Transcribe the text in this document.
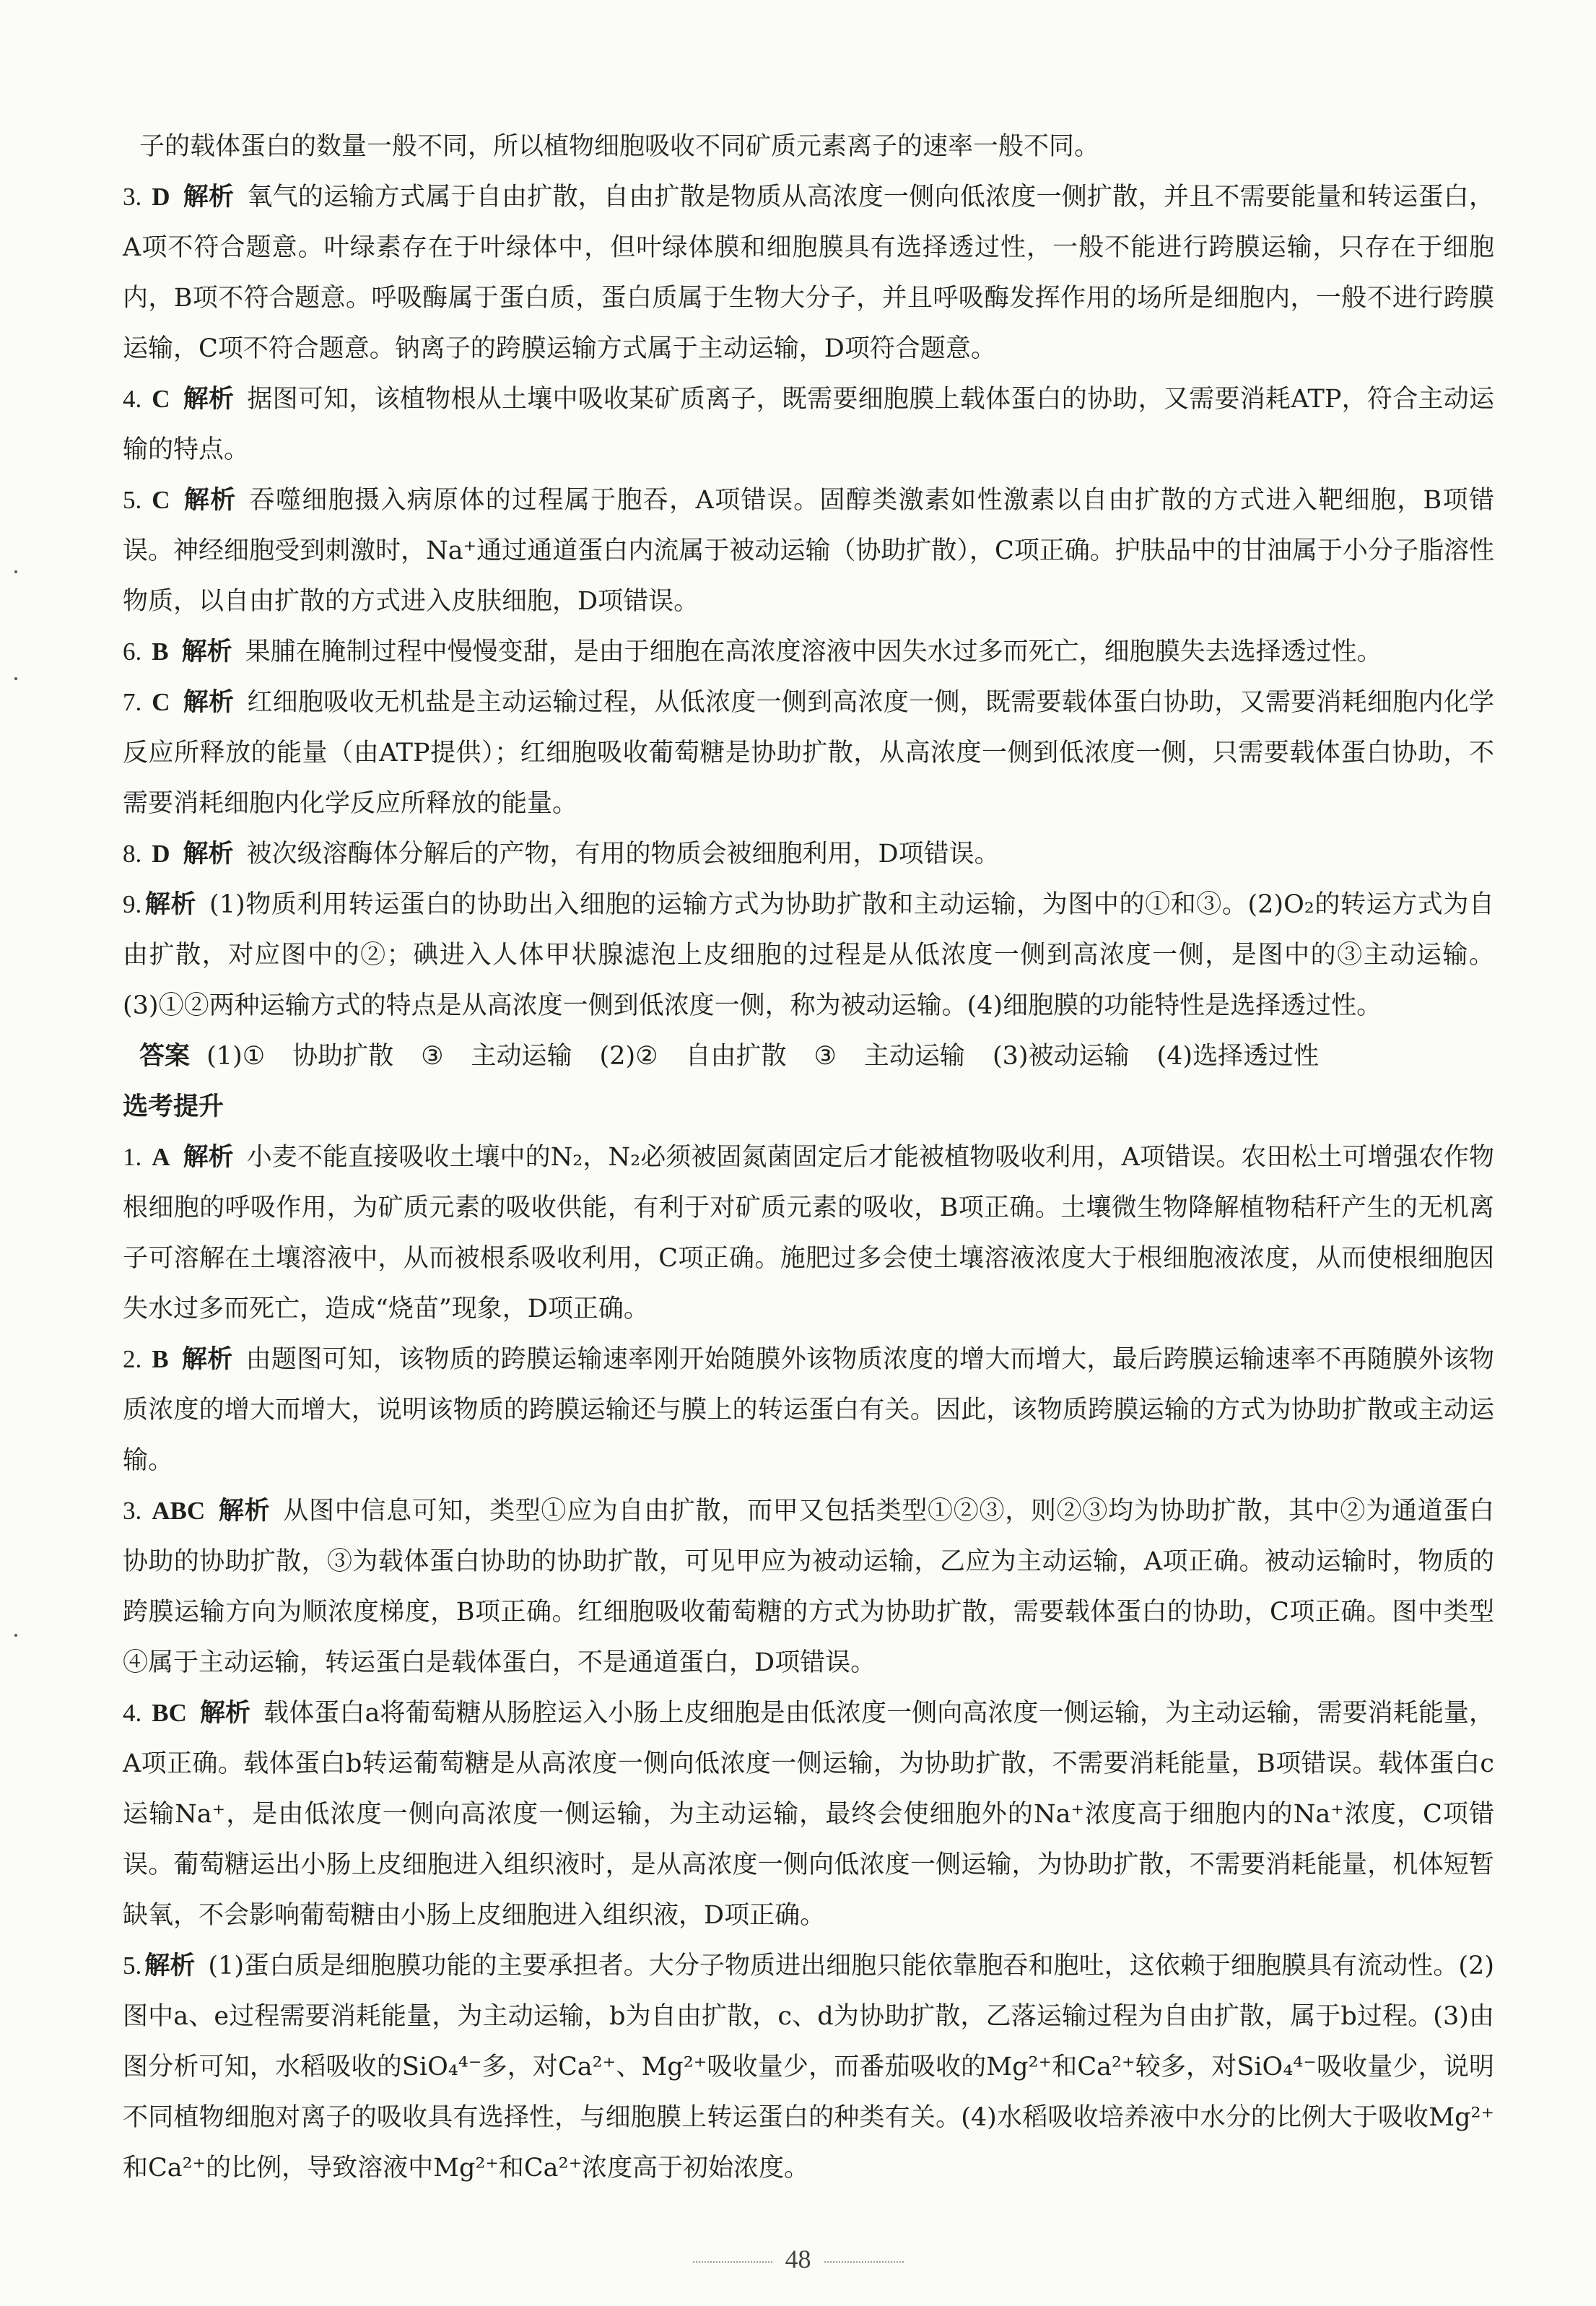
子的载体蛋白的数量一般不同，所以植物细胞吸收不同矿质元素离子的速率一般不同。

3. D 解析 氧气的运输方式属于自由扩散，自由扩散是物质从高浓度一侧向低浓度一侧扩散，并且不需要能量和转运蛋白，A项不符合题意。叶绿素存在于叶绿体中，但叶绿体膜和细胞膜具有选择透过性，一般不能进行跨膜运输，只存在于细胞内，B项不符合题意。呼吸酶属于蛋白质，蛋白质属于生物大分子，并且呼吸酶发挥作用的场所是细胞内，一般不进行跨膜运输，C项不符合题意。钠离子的跨膜运输方式属于主动运输，D项符合题意。

4. C 解析 据图可知，该植物根从土壤中吸收某矿质离子，既需要细胞膜上载体蛋白的协助，又需要消耗ATP，符合主动运输的特点。

5. C 解析 吞噬细胞摄入病原体的过程属于胞吞，A项错误。固醇类激素如性激素以自由扩散的方式进入靶细胞，B项错误。神经细胞受到刺激时，Na⁺通过通道蛋白内流属于被动运输（协助扩散），C项正确。护肤品中的甘油属于小分子脂溶性物质，以自由扩散的方式进入皮肤细胞，D项错误。

6. B 解析 果脯在腌制过程中慢慢变甜，是由于细胞在高浓度溶液中因失水过多而死亡，细胞膜失去选择透过性。

7. C 解析 红细胞吸收无机盐是主动运输过程，从低浓度一侧到高浓度一侧，既需要载体蛋白协助，又需要消耗细胞内化学反应所释放的能量（由ATP提供）；红细胞吸收葡萄糖是协助扩散，从高浓度一侧到低浓度一侧，只需要载体蛋白协助，不需要消耗细胞内化学反应所释放的能量。

8. D 解析 被次级溶酶体分解后的产物，有用的物质会被细胞利用，D项错误。

9. 解析 (1)物质利用转运蛋白的协助出入细胞的运输方式为协助扩散和主动运输，为图中的①和③。(2)O₂的转运方式为自由扩散，对应图中的②；碘进入人体甲状腺滤泡上皮细胞的过程是从低浓度一侧到高浓度一侧，是图中的③主动运输。(3)①②两种运输方式的特点是从高浓度一侧到低浓度一侧，称为被动运输。(4)细胞膜的功能特性是选择透过性。

答案 (1)① 协助扩散 ③ 主动运输 (2)② 自由扩散 ③ 主动运输 (3)被动运输 (4)选择透过性

选考提升

1. A 解析 小麦不能直接吸收土壤中的N₂，N₂必须被固氮菌固定后才能被植物吸收利用，A项错误。农田松土可增强农作物根细胞的呼吸作用，为矿质元素的吸收供能，有利于对矿质元素的吸收，B项正确。土壤微生物降解植物秸秆产生的无机离子可溶解在土壤溶液中，从而被根系吸收利用，C项正确。施肥过多会使土壤溶液浓度大于根细胞液浓度，从而使根细胞因失水过多而死亡，造成“烧苗”现象，D项正确。

2. B 解析 由题图可知，该物质的跨膜运输速率刚开始随膜外该物质浓度的增大而增大，最后跨膜运输速率不再随膜外该物质浓度的增大而增大，说明该物质的跨膜运输还与膜上的转运蛋白有关。因此，该物质跨膜运输的方式为协助扩散或主动运输。

3. ABC 解析 从图中信息可知，类型①应为自由扩散，而甲又包括类型①②③，则②③均为协助扩散，其中②为通道蛋白协助的协助扩散，③为载体蛋白协助的协助扩散，可见甲应为被动运输，乙应为主动运输，A项正确。被动运输时，物质的跨膜运输方向为顺浓度梯度，B项正确。红细胞吸收葡萄糖的方式为协助扩散，需要载体蛋白的协助，C项正确。图中类型④属于主动运输，转运蛋白是载体蛋白，不是通道蛋白，D项错误。

4. BC 解析 载体蛋白a将葡萄糖从肠腔运入小肠上皮细胞是由低浓度一侧向高浓度一侧运输，为主动运输，需要消耗能量，A项正确。载体蛋白b转运葡萄糖是从高浓度一侧向低浓度一侧运输，为协助扩散，不需要消耗能量，B项错误。载体蛋白c运输Na⁺，是由低浓度一侧向高浓度一侧运输，为主动运输，最终会使细胞外的Na⁺浓度高于细胞内的Na⁺浓度，C项错误。葡萄糖运出小肠上皮细胞进入组织液时，是从高浓度一侧向低浓度一侧运输，为协助扩散，不需要消耗能量，机体短暂缺氧，不会影响葡萄糖由小肠上皮细胞进入组织液，D项正确。

5. 解析 (1)蛋白质是细胞膜功能的主要承担者。大分子物质进出细胞只能依靠胞吞和胞吐，这依赖于细胞膜具有流动性。(2)图中a、e过程需要消耗能量，为主动运输，b为自由扩散，c、d为协助扩散，乙落运输过程为自由扩散，属于b过程。(3)由图分析可知，水稻吸收的SiO₄⁴⁻多，对Ca²⁺、Mg²⁺吸收量少，而番茄吸收的Mg²⁺和Ca²⁺较多，对SiO₄⁴⁻吸收量少，说明不同植物细胞对离子的吸收具有选择性，与细胞膜上转运蛋白的种类有关。(4)水稻吸收培养液中水分的比例大于吸收Mg²⁺和Ca²⁺的比例，导致溶液中Mg²⁺和Ca²⁺浓度高于初始浓度。

48
